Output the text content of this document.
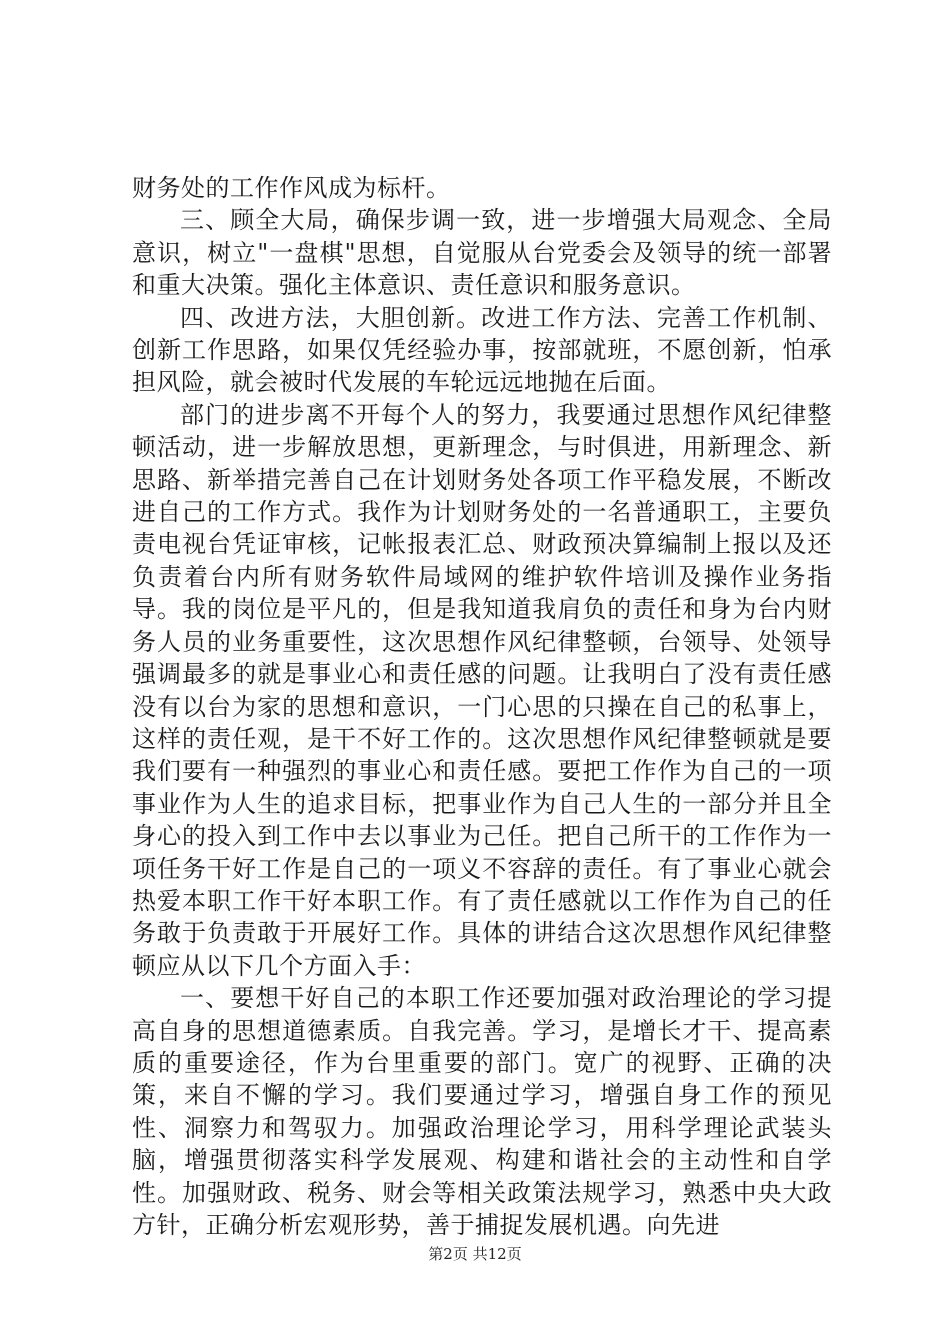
财务处的工作作风成为标杆。

三、顾全大局，确保步调一致，进一步增强大局观念、全局意识，树立"一盘棋"思想，自觉服从台党委会及领导的统一部署和重大决策。强化主体意识、责任意识和服务意识。

四、改进方法，大胆创新。改进工作方法、完善工作机制、创新工作思路，如果仅凭经验办事，按部就班，不愿创新，怕承担风险，就会被时代发展的车轮远远地抛在后面。

部门的进步离不开每个人的努力，我要通过思想作风纪律整顿活动，进一步解放思想，更新理念，与时俱进，用新理念、新思路、新举措完善自己在计划财务处各项工作平稳发展，不断改进自己的工作方式。我作为计划财务处的一名普通职工，主要负责电视台凭证审核，记帐报表汇总、财政预决算编制上报以及还负责着台内所有财务软件局域网的维护软件培训及操作业务指导。我的岗位是平凡的，但是我知道我肩负的责任和身为台内财务人员的业务重要性，这次思想作风纪律整顿，台领导、处领导强调最多的就是事业心和责任感的问题。让我明白了没有责任感没有以台为家的思想和意识，一门心思的只操在自己的私事上，这样的责任观，是干不好工作的。这次思想作风纪律整顿就是要我们要有一种强烈的事业心和责任感。要把工作作为自己的一项事业作为人生的追求目标，把事业作为自己人生的一部分并且全身心的投入到工作中去以事业为己任。把自己所干的工作作为一项任务干好工作是自己的一项义不容辞的责任。有了事业心就会热爱本职工作干好本职工作。有了责任感就以工作作为自己的任务敢于负责敢于开展好工作。具体的讲结合这次思想作风纪律整顿应从以下几个方面入手：

一、要想干好自己的本职工作还要加强对政治理论的学习提高自身的思想道德素质。自我完善。学习，是增长才干、提高素质的重要途径，作为台里重要的部门。宽广的视野、正确的决策，来自不懈的学习。我们要通过学习，增强自身工作的预见性、洞察力和驾驭力。加强政治理论学习，用科学理论武装头脑，增强贯彻落实科学发展观、构建和谐社会的主动性和自学性。加强财政、税务、财会等相关政策法规学习，熟悉中央大政方针，正确分析宏观形势，善于捕捉发展机遇。向先进

第2页 共12页
